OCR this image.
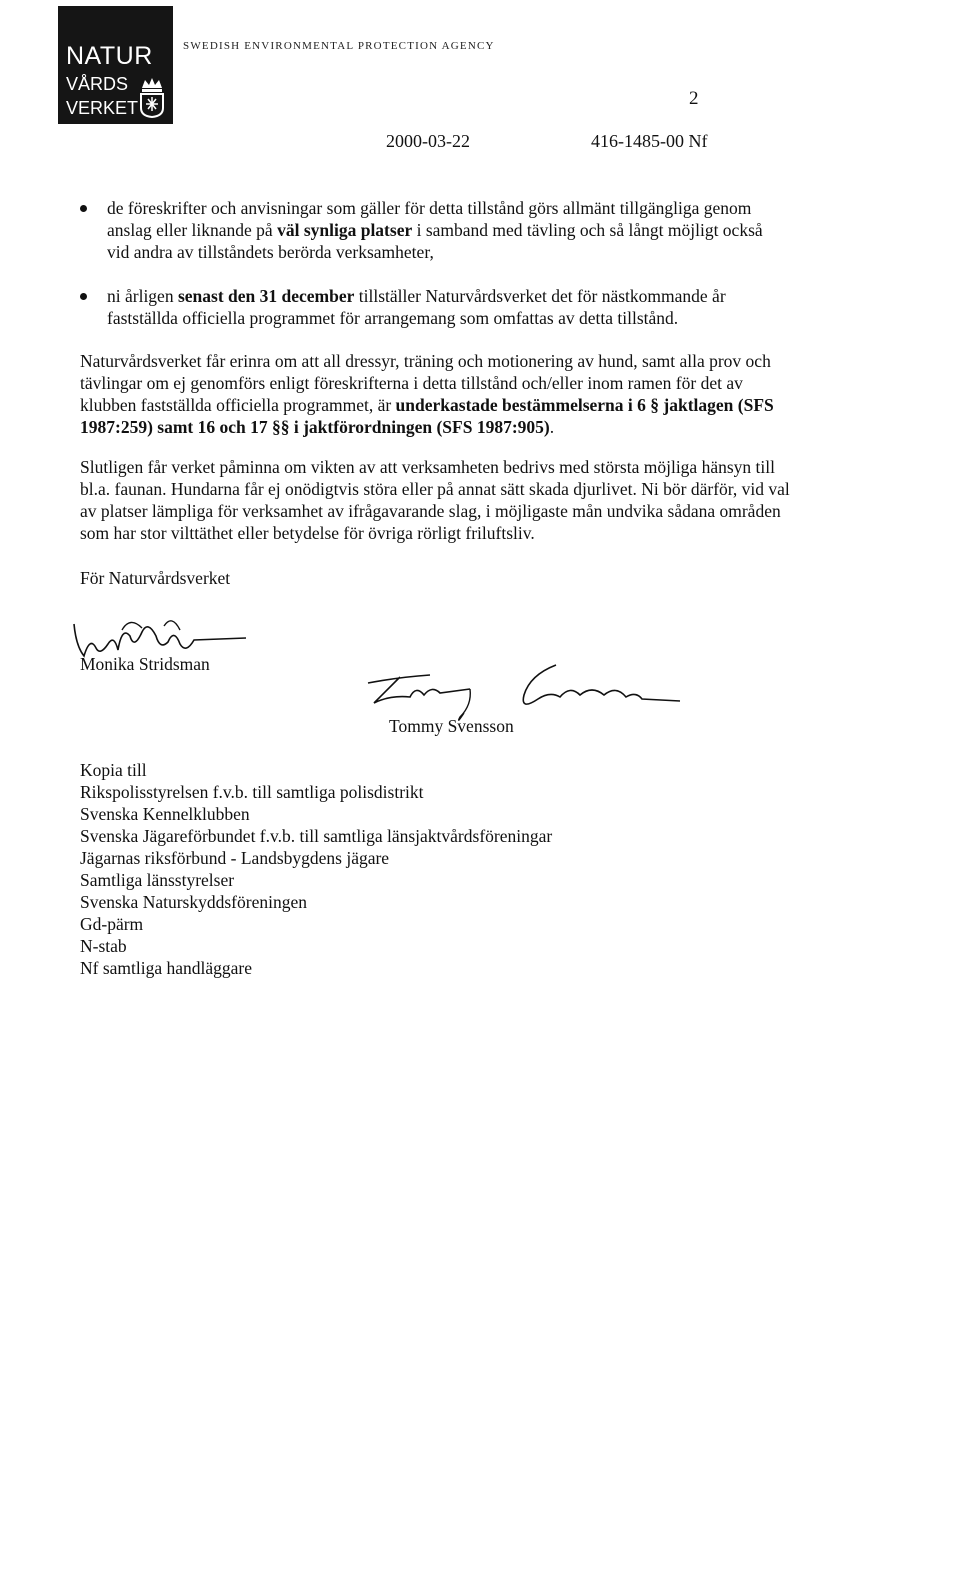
NATUR
VÅRDS
VERKET
SWEDISH ENVIRONMENTAL PROTECTION AGENCY
2
2000-03-22	416-1485-00 Nf
de föreskrifter och anvisningar som gäller för detta tillstånd görs allmänt tillgängliga genom anslag eller liknande på väl synliga platser i samband med tävling och så långt möjligt också vid andra av tillståndets berörda verksamheter,
ni årligen senast den 31 december tillställer Naturvårdsverket det för nästkommande år fastställda officiella programmet för arrangemang som omfattas av detta tillstånd.
Naturvårdsverket får erinra om att all dressyr, träning och motionering av hund, samt alla prov och tävlingar om ej genomförs enligt föreskrifterna i detta tillstånd och/eller inom ramen för det av klubben fastställda officiella programmet, är underkastade bestämmelserna i 6 § jaktlagen (SFS 1987:259) samt 16 och 17 §§ i jaktförordningen (SFS 1987:905).
Slutligen får verket påminna om vikten av att verksamheten bedrivs med största möjliga hänsyn till bl.a. faunan. Hundarna får ej onödigtvis störa eller på annat sätt skada djurlivet. Ni bör därför, vid val av platser lämpliga för verksamhet av ifrågavarande slag, i möjligaste mån undvika sådana områden som har stor vilttäthet eller betydelse för övriga rörligt friluftsliv.
För Naturvårdsverket
Monika Stridsman
Tommy Svensson
Kopia till
Rikspolisstyrelsen f.v.b. till samtliga polisdistrikt
Svenska Kennelklubben
Svenska Jägareförbundet f.v.b. till samtliga länsjaktvårdsföreningar
Jägarnas riksförbund - Landsbygdens jägare
Samtliga länsstyrelser
Svenska Naturskyddsföreningen
Gd-pärm
N-stab
Nf samtliga handläggare
